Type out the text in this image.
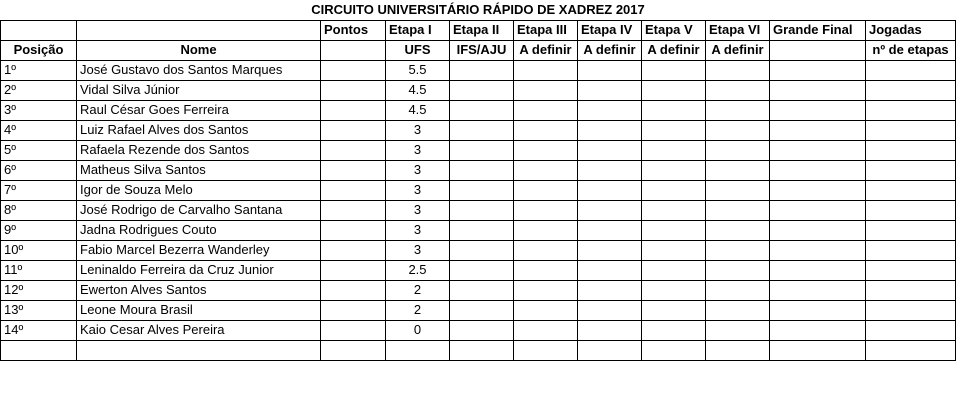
CIRCUITO UNIVERSITÁRIO RÁPIDO DE XADREZ 2017										
		Pontos	Etapa I	Etapa II	Etapa III	Etapa IV	Etapa V	Etapa VI	Grande Final	Jogadas
Posição	Nome		UFS	IFS/AJU	A definir	A definir	A definir	A definir		nº de etapas
1º	José Gustavo dos Santos Marques		5.5							
2º	Vidal Silva Júnior		4.5							
3º	Raul César Goes Ferreira		4.5							
4º	Luiz Rafael Alves dos Santos		3							
5º	Rafaela Rezende dos Santos		3							
6º	Matheus Silva Santos		3							
7º	Igor de Souza Melo		3							
8º	José Rodrigo de Carvalho Santana		3							
9º	Jadna Rodrigues Couto		3							
10º	Fabio Marcel Bezerra Wanderley		3							
11º	Leninaldo Ferreira da Cruz Junior		2.5							
12º	Ewerton Alves Santos		2							
13º	Leone Moura Brasil		2							
14º	Kaio Cesar Alves Pereira		0							
